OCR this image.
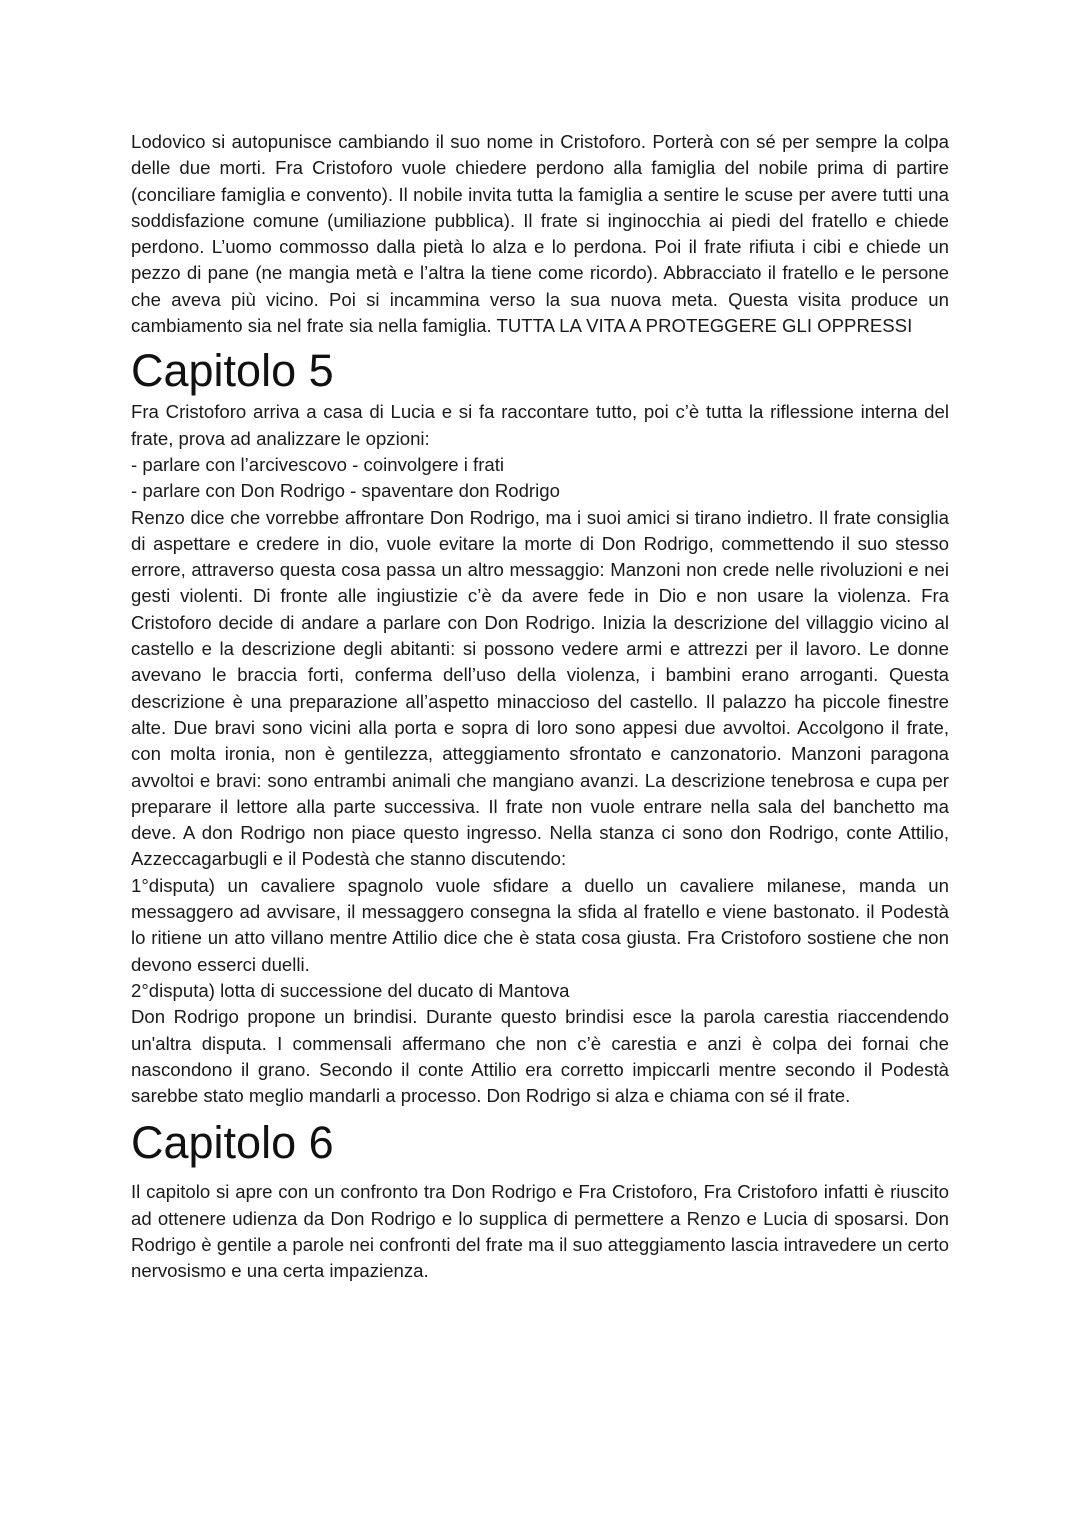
Lodovico si autopunisce cambiando il suo nome in Cristoforo. Porterà con sé per sempre la colpa delle due morti. Fra Cristoforo vuole chiedere perdono alla famiglia del nobile prima di partire (conciliare famiglia e convento). Il nobile invita tutta la famiglia a sentire le scuse per avere tutti una soddisfazione comune (umiliazione pubblica). Il frate si inginocchia ai piedi del fratello e chiede perdono. L’uomo commosso dalla pietà lo alza e lo perdona. Poi il frate rifiuta i cibi e chiede un pezzo di pane (ne mangia metà e l’altra la tiene come ricordo). Abbracciato il fratello e le persone che aveva più vicino. Poi si incammina verso la sua nuova meta. Questa visita produce un cambiamento sia nel frate sia nella famiglia. TUTTA LA VITA A PROTEGGERE GLI OPPRESSI

Capitolo 5

Fra Cristoforo arriva a casa di Lucia e si fa raccontare tutto, poi c’è tutta la riflessione interna del frate, prova ad analizzare le opzioni:

- parlare con l’arcivescovo - coinvolgere i frati

- parlare con Don Rodrigo - spaventare don Rodrigo

Renzo dice che vorrebbe affrontare Don Rodrigo, ma i suoi amici si tirano indietro. Il frate consiglia di aspettare e credere in dio, vuole evitare la morte di Don Rodrigo, commettendo il suo stesso errore, attraverso questa cosa passa un altro messaggio: Manzoni non crede nelle rivoluzioni e nei gesti violenti. Di fronte alle ingiustizie c’è da avere fede in Dio e non usare la violenza. Fra Cristoforo decide di andare a parlare con Don Rodrigo. Inizia la descrizione del villaggio vicino al castello e la descrizione degli abitanti: si possono vedere armi e attrezzi per il lavoro. Le donne avevano le braccia forti, conferma dell’uso della violenza, i bambini erano arroganti. Questa descrizione è una preparazione all’aspetto minaccioso del castello. Il palazzo ha piccole finestre alte. Due bravi sono vicini alla porta e sopra di loro sono appesi due avvoltoi. Accolgono il frate, con molta ironia, non è gentilezza, atteggiamento sfrontato e canzonatorio. Manzoni paragona avvoltoi e bravi: sono entrambi animali che mangiano avanzi. La descrizione tenebrosa e cupa per preparare il lettore alla parte successiva. Il frate non vuole entrare nella sala del banchetto ma deve. A don Rodrigo non piace questo ingresso. Nella stanza ci sono don Rodrigo, conte Attilio, Azzeccagarbugli e il Podestà che stanno discutendo:

1°disputa) un cavaliere spagnolo vuole sfidare a duello un cavaliere milanese, manda un messaggero ad avvisare, il messaggero consegna la sfida al fratello e viene bastonato. il Podestà lo ritiene un atto villano mentre Attilio dice che è stata cosa giusta. Fra Cristoforo sostiene che non devono esserci duelli.

2°disputa) lotta di successione del ducato di Mantova

Don Rodrigo propone un brindisi. Durante questo brindisi esce la parola carestia riaccendendo un'altra disputa. I commensali affermano che non c’è carestia e anzi è colpa dei fornai che nascondono il grano. Secondo il conte Attilio era corretto impiccarli mentre secondo il Podestà sarebbe stato meglio mandarli a processo. Don Rodrigo si alza e chiama con sé il frate.

Capitolo 6

Il capitolo si apre con un confronto tra Don Rodrigo e Fra Cristoforo, Fra Cristoforo infatti è riuscito ad ottenere udienza da Don Rodrigo e lo supplica di permettere a Renzo e Lucia di sposarsi. Don Rodrigo è gentile a parole nei confronti del frate ma il suo atteggiamento lascia intravedere un certo nervosismo e una certa impazienza.
